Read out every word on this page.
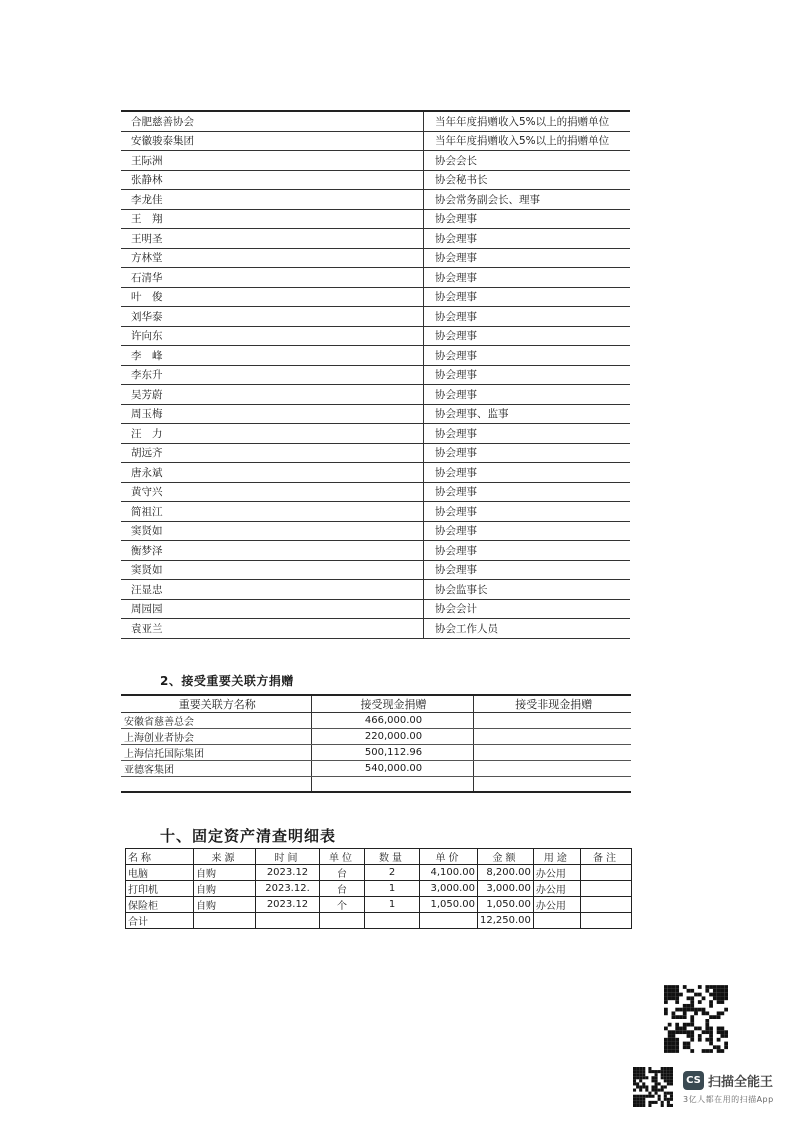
合肥慈善协会	当年年度捐赠收入5%以上的捐赠单位
安徽骏泰集团	当年年度捐赠收入5%以上的捐赠单位
王际洲	协会会长
张静林	协会秘书长
李龙佳	协会常务副会长、理事
王　翔	协会理事
王明圣	协会理事
方林堂	协会理事
石清华	协会理事
叶　俊	协会理事
刘华泰	协会理事
许向东	协会理事
李　峰	协会理事
李东升	协会理事
吴芳蔚	协会理事
周玉梅	协会理事、监事
汪　力	协会理事
胡远齐	协会理事
唐永斌	协会理事
黄守兴	协会理事
简祖江	协会理事
窦贤如	协会理事
衡梦泽	协会理事
窦贤如	协会理事
汪显忠	协会监事长
周园园	协会会计
袁亚兰	协会工作人员
2、接受重要关联方捐赠
重要关联方名称	接受现金捐赠	接受非现金捐赠
安徽省慈善总会	466,000.00	
上海创业者协会	220,000.00	
上海信托国际集团	500,112.96	
亚德客集团	540,000.00	

十、固定资产清查明细表
名称	来源	时间	单位	数量	单价	金额	用途	备注
电脑	自购	2023.12	台	2	4,100.00	8,200.00	办公用	
打印机	自购	2023.12.	台	1	3,000.00	3,000.00	办公用	
保险柜	自购	2023.12	个	1	1,050.00	1,050.00	办公用	
合计						12,250.00		
CS 扫描全能王
3亿人都在用的扫描App
